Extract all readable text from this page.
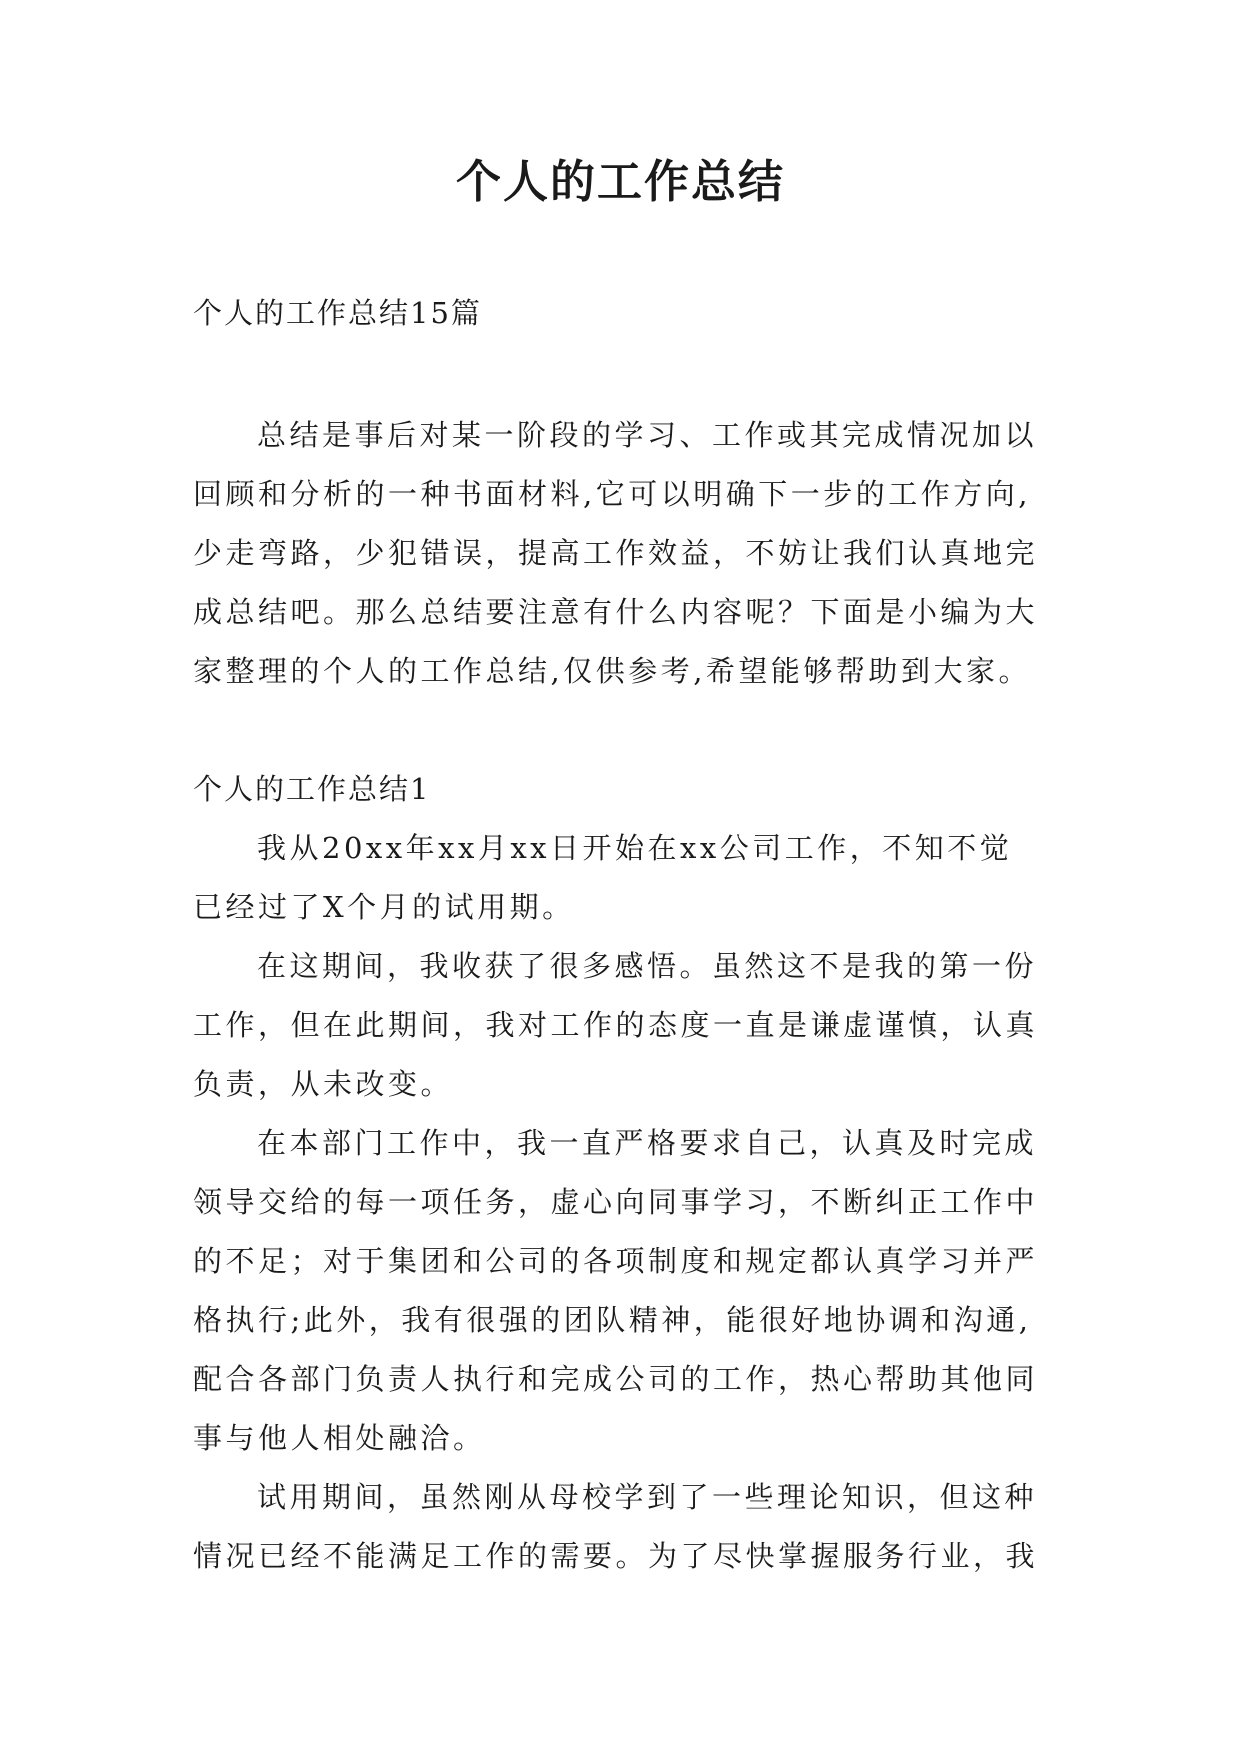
个人的工作总结

个人的工作总结15篇

总结是事后对某一阶段的学习、工作或其完成情况加以
回顾和分析的一种书面材料,它可以明确下一步的工作方向,
少走弯路，少犯错误，提高工作效益，不妨让我们认真地完
成总结吧。那么总结要注意有什么内容呢？下面是小编为大
家整理的个人的工作总结,仅供参考,希望能够帮助到大家。
个人的工作总结1
我从20xx年xx月xx日开始在xx公司工作，不知不觉
已经过了X个月的试用期。
在这期间，我收获了很多感悟。虽然这不是我的第一份
工作，但在此期间，我对工作的态度一直是谦虚谨慎，认真
负责，从未改变。
在本部门工作中，我一直严格要求自己，认真及时完成
领导交给的每一项任务，虚心向同事学习，不断纠正工作中
的不足；对于集团和公司的各项制度和规定都认真学习并严
格执行;此外，我有很强的团队精神，能很好地协调和沟通,
配合各部门负责人执行和完成公司的工作，热心帮助其他同
事与他人相处融洽。
试用期间，虽然刚从母校学到了一些理论知识，但这种
情况已经不能满足工作的需要。为了尽快掌握服务行业，我
